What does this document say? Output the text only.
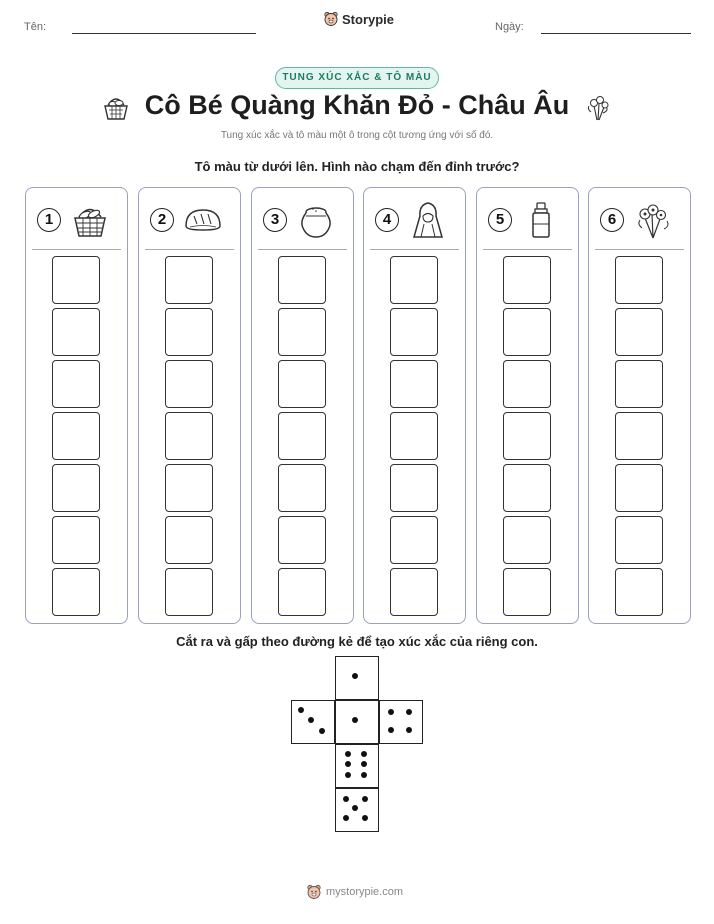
Tên:
Storypie
Ngày:
TUNG XÚC XẮC & TÔ MÀU
Cô Bé Quàng Khăn Đỏ - Châu Âu
Tung xúc xắc và tô màu một ô trong cột tương ứng với số đó.
Tô màu từ dưới lên. Hình nào chạm đến đỉnh trước?
1	2	3	4	5	6
Cắt ra và gấp theo đường kẻ để tạo xúc xắc của riêng con.
mystorypie.com
